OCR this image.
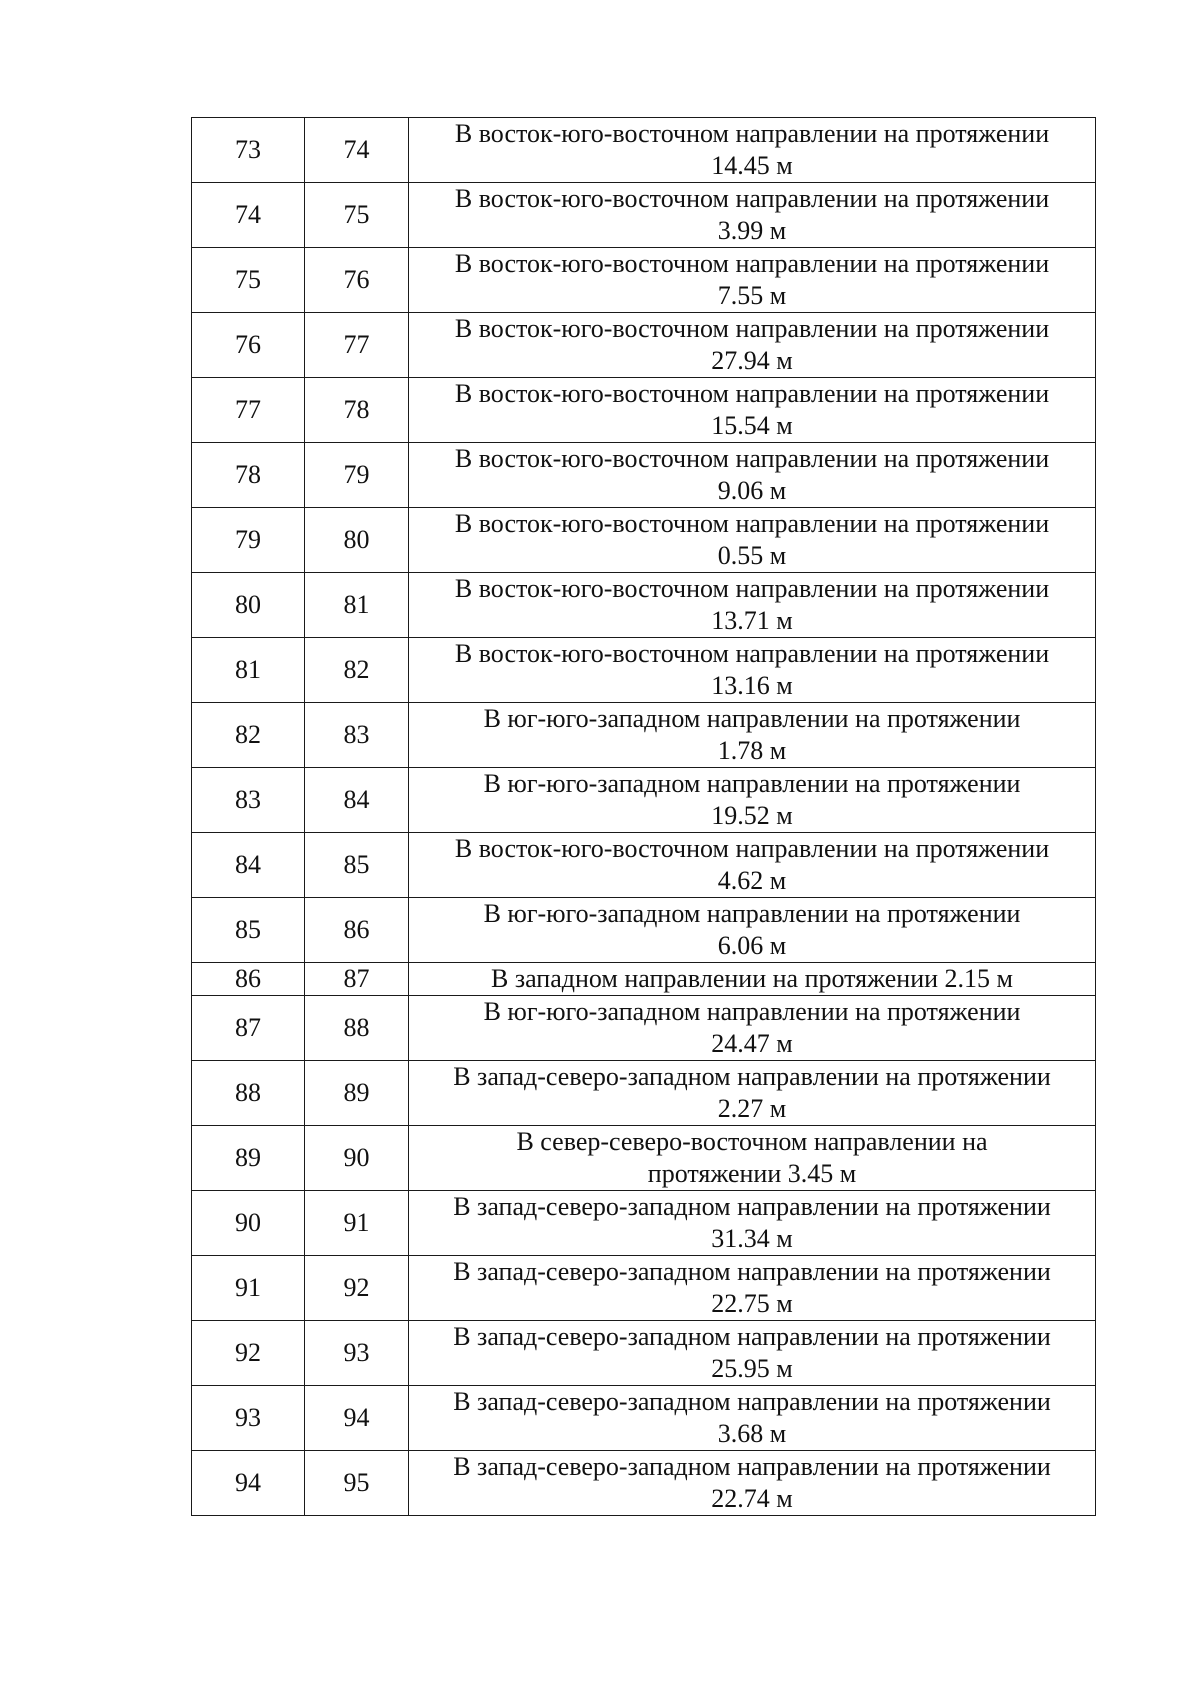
73	74	В восток-юго-восточном направлении на протяжении
14.45 м
74	75	В восток-юго-восточном направлении на протяжении
3.99 м
75	76	В восток-юго-восточном направлении на протяжении
7.55 м
76	77	В восток-юго-восточном направлении на протяжении
27.94 м
77	78	В восток-юго-восточном направлении на протяжении
15.54 м
78	79	В восток-юго-восточном направлении на протяжении
9.06 м
79	80	В восток-юго-восточном направлении на протяжении
0.55 м
80	81	В восток-юго-восточном направлении на протяжении
13.71 м
81	82	В восток-юго-восточном направлении на протяжении
13.16 м
82	83	В юг-юго-западном направлении на протяжении
1.78 м
83	84	В юг-юго-западном направлении на протяжении
19.52 м
84	85	В восток-юго-восточном направлении на протяжении
4.62 м
85	86	В юг-юго-западном направлении на протяжении
6.06 м
86	87	В западном направлении на протяжении 2.15 м
87	88	В юг-юго-западном направлении на протяжении
24.47 м
88	89	В запад-северо-западном направлении на протяжении
2.27 м
89	90	В север-северо-восточном направлении на
протяжении 3.45 м
90	91	В запад-северо-западном направлении на протяжении
31.34 м
91	92	В запад-северо-западном направлении на протяжении
22.75 м
92	93	В запад-северо-западном направлении на протяжении
25.95 м
93	94	В запад-северо-западном направлении на протяжении
3.68 м
94	95	В запад-северо-западном направлении на протяжении
22.74 м
